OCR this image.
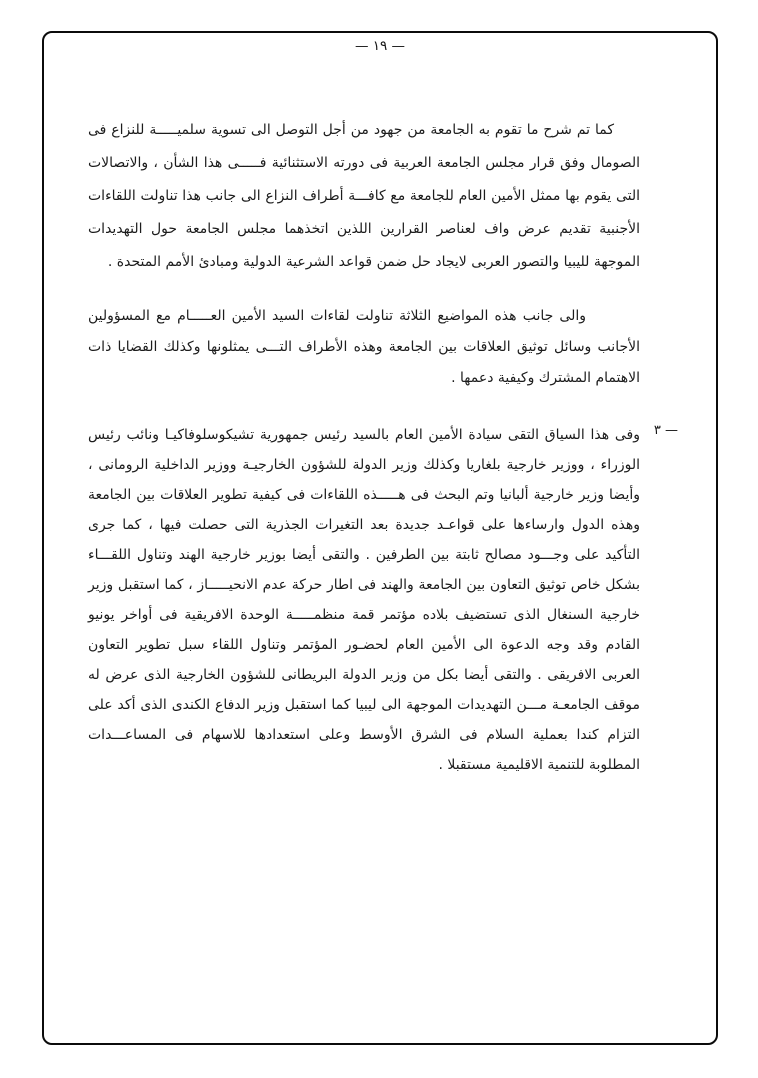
— ١٩ —

كما تم شرح ما تقوم به الجامعة من جهود من أجل التوصل الى تسوية سلميـــــة للنزاع فى الصومال وفق قرار مجلس الجامعة العربية فى دورته الاستثنائية فـــــى هذا الشأن ، والاتصالات التى يقوم بها ممثل الأمين العام للجامعة مع كافـــة أطراف النزاع الى جانب هذا تناولت اللقاءات الأجنبية تقديم عرض واف لعناصر القرارين اللذين اتخذهما مجلس الجامعة حول التهديدات الموجهة لليبيا والتصور العربى لايجاد حل ضمن قواعد الشرعية الدولية ومبادئ الأمم المتحدة .

والى جانب هذه المواضيع الثلاثة تناولت لقاءات السيد الأمين العـــــام مع المسؤولين الأجانب وسائل توثيق العلاقات بين الجامعة وهذه الأطراف التـــى يمثلونها وكذلك القضايا ذات الاهتمام المشترك وكيفية دعمها .

٣ —

وفى هذا السياق التقى سيادة الأمين العام بالسيد رئيس جمهورية تشيكوسلوفاكيـا ونائب رئيس الوزراء ، ووزير خارجية بلغاريا وكذلك وزير الدولة للشؤون الخارجيـة ووزير الداخلية الرومانى ، وأيضا وزير خارجية ألبانيا وتم البحث فى هـــــذه اللقاءات فى كيفية تطوير العلاقات بين الجامعة وهذه الدول وارساءها على قواعـد جديدة بعد التغيرات الجذرية التى حصلت فيها ، كما جرى التأكيد على وجـــود مصالح ثابتة بين الطرفين . والتقى أيضا بوزير خارجية الهند وتناول اللقـــاء بشكل خاص توثيق التعاون بين الجامعة والهند فى اطار حركة عدم الانحيـــــاز ، كما استقبل وزير خارجية السنغال الذى تستضيف بلاده مؤتمر قمة منظمـــــة الوحدة الافريقية فى أواخر يونيو القادم وقد وجه الدعوة الى الأمين العام لحضـور المؤتمر وتناول اللقاء سبل تطوير التعاون العربى الافريقى . والتقى أيضا بكل من وزير الدولة البريطانى للشؤون الخارجية الذى عرض له موقف الجامعـة مـــن التهديدات الموجهة الى ليبيا كما استقبل وزير الدفاع الكندى الذى أكد على التزام كندا بعملية السلام فى الشرق الأوسط وعلى استعدادها للاسهام فى المساعـــدات المطلوبة للتنمية الاقليمية مستقبلا .
